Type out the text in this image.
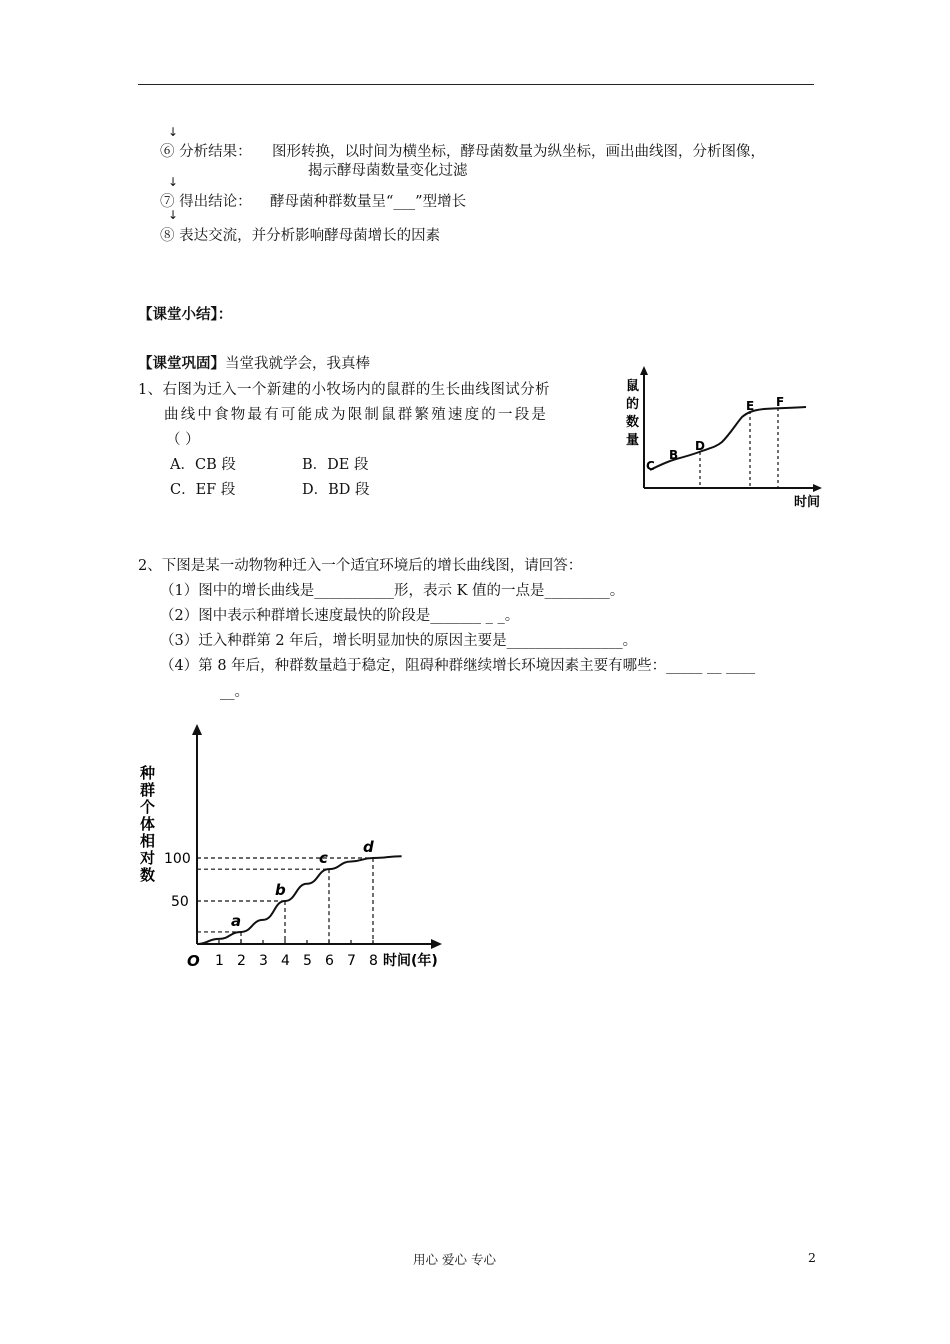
↓
⑥ 分析结果： 图形转换，以时间为横坐标，酵母菌数量为纵坐标，画出曲线图，分析图像，
揭示酵母菌数量变化过滤
↓
⑦ 得出结论： 酵母菌种群数量呈“___”型增长
↓
⑧ 表达交流，并分析影响酵母菌增长的因素
【课堂小结】：
【课堂巩固】当堂我就学会，我真棒
1、右图为迁入一个新建的小牧场内的鼠群的生长曲线图试分析
曲线中食物最有可能成为限制鼠群繁殖速度的一段是
（ ）
A．CB 段	B．DE 段
C．EF 段	D．BD 段
鼠
的
数
量
时间
C
B
D
E F
2、下图是某一动物物种迁入一个适宜环境后的增长曲线图，请回答：
（1）图中的增长曲线是___________形，表示 K 值的一点是_________。
（2）图中表示种群增长速度最快的阶段是_______ _ _。
（3）迁入种群第 2 年后，增长明显加快的原因主要是________________。
（4）第 8 年后，种群数量趋于稳定，阻碍种群继续增长环境因素主要有哪些：_____ __ ____
__。
1 2 3 4 5 6 7 8
O	时间(年)
50
100
种
群
个
体
相
对
数
a
b
c
d
用心 爱心 专心	2
